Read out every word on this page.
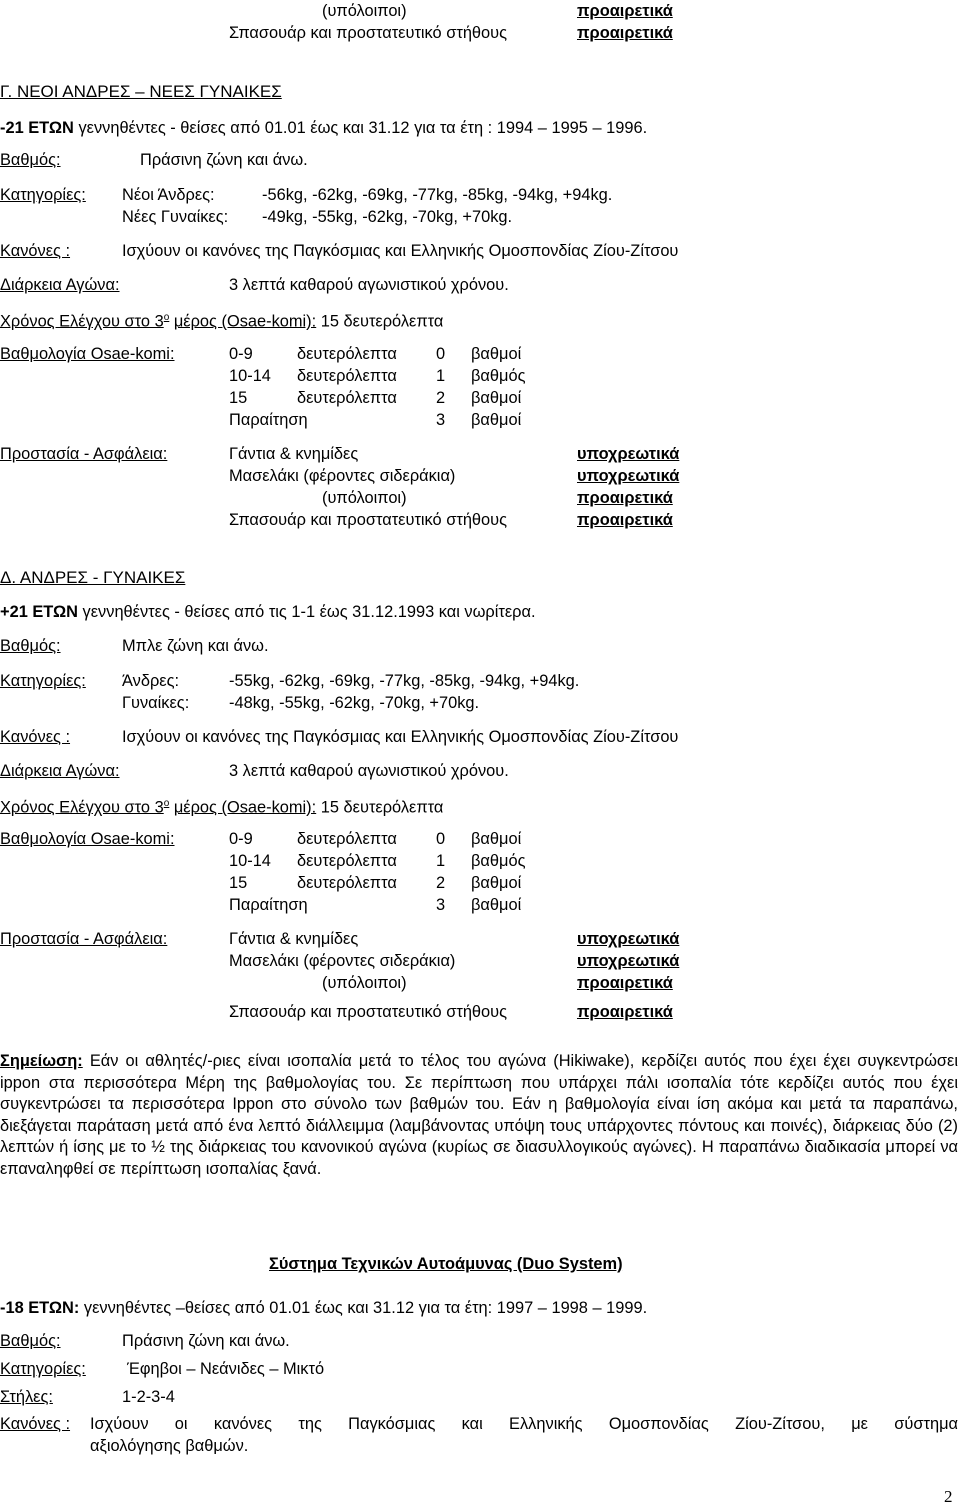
(υπόλοιποι)	προαιρετικά
Σπασουάρ και προστατευτικό στήθους	προαιρετικά
Γ. ΝΕΟΙ ΑΝΔΡΕΣ – ΝΕΕΣ ΓΥΝΑΙΚΕΣ
-21 ΕΤΩΝ γεννηθέντες - θείσες από 01.01 έως και 31.12 για τα έτη : 1994 – 1995 – 1996.
Βαθμός:	Πράσινη ζώνη και άνω.
Κατηγορίες: Νέοι Άνδρες:	-56kg, -62kg, -69kg, -77kg, -85kg, -94kg, +94kg.
Νέες Γυναίκες: -49kg, -55kg, -62kg, -70kg, +70kg.
Κανόνες :	Ισχύουν οι κανόνες της Παγκόσμιας και Ελληνικής Ομοσπονδίας Ζίου-Ζίτσου
Διάρκεια Αγώνα:	3 λεπτά καθαρού αγωνιστικού χρόνου.
Χρόνος Ελέγχου στο $3^o$ μέρος (Osae-komi): 15 δευτερόλεπτα
Βαθμολογία Osae-komi:	0-9	δευτερόλεπτα 0 βαθμοί
10-14 δευτερόλεπτα 1 βαθμός
15	δευτερόλεπτα 2 βαθμοί
Παραίτηση	3 βαθμοί
Προστασία - Ασφάλεια:	Γάντια & κνημίδες	υποχρεωτικά
Μασελάκι (φέροντες σιδεράκια)	υποχρεωτικά
(υπόλοιποι)	προαιρετικά
Σπασουάρ και προστατευτικό στήθους	προαιρετικά
Δ. ΑΝΔΡΕΣ - ΓΥΝΑΙΚΕΣ
+21 ΕΤΩΝ γεννηθέντες - θείσες από τις 1-1 έως 31.12.1993 και νωρίτερα.
Βαθμός:	Μπλε ζώνη και άνω.
Κατηγορίες: Άνδρες:	-55kg, -62kg, -69kg, -77kg, -85kg, -94kg, +94kg.
Γυναίκες: -48kg, -55kg, -62kg, -70kg, +70kg.
Κανόνες :	Ισχύουν οι κανόνες της Παγκόσμιας και Ελληνικής Ομοσπονδίας Ζίου-Ζίτσου
Διάρκεια Αγώνα:	3 λεπτά καθαρού αγωνιστικού χρόνου.
Χρόνος Ελέγχου στο $3^o$ μέρος (Osae-komi): 15 δευτερόλεπτα
Βαθμολογία Osae-komi:	0-9	δευτερόλεπτα 0 βαθμοί
10-14 δευτερόλεπτα 1 βαθμός
15	δευτερόλεπτα 2 βαθμοί
Παραίτηση	3 βαθμοί
Προστασία - Ασφάλεια:	Γάντια & κνημίδες	υποχρεωτικά
Μασελάκι (φέροντες σιδεράκια)	υποχρεωτικά
(υπόλοιποι)	προαιρετικά
Σπασουάρ και προστατευτικό στήθους	προαιρετικά
Σημείωση: Εάν οι αθλητές/-ριες είναι ισοπαλία μετά το τέλος του αγώνα (Hikiwake), κερδίζει αυτός που έχει έχει συγκεντρώσει ippon στα περισσότερα Μέρη της βαθμολογίας του. Σε περίπτωση που υπάρχει πάλι ισοπαλία τότε κερδίζει αυτός που έχει συγκεντρώσει τα περισσότερα Ippon στο σύνολο των βαθμών του. Εάν η βαθμολογία είναι ίση ακόμα και μετά τα παραπάνω, διεξάγεται παράταση μετά από ένα λεπτό διάλλειμμα (λαμβάνοντας υπόψη τους υπάρχοντες πόντους και ποινές), διάρκειας δύο (2) λεπτών ή ίσης με το ½ της διάρκειας του κανονικού αγώνα (κυρίως σε διασυλλογικούς αγώνες). Η παραπάνω διαδικασία μπορεί να επαναληφθεί σε περίπτωση ισοπαλίας ξανά.
Σύστημα Τεχνικών Αυτοάμυνας (Duo System)
-18 ΕΤΩΝ: γεννηθέντες –θείσες από 01.01 έως και 31.12 για τα έτη: 1997 – 1998 – 1999.
Βαθμός:	Πράσινη ζώνη και άνω.
Κατηγορίες:	Έφηβοι – Νεάνιδες – Μικτό
Στήλες:	1-2-3-4
Κανόνες : Ισχύουν οι κανόνες της Παγκόσμιας και Ελληνικής Ομοσπονδίας Ζίου-Ζίτσου, με σύστημα
αξιολόγησης βαθμών.
2
